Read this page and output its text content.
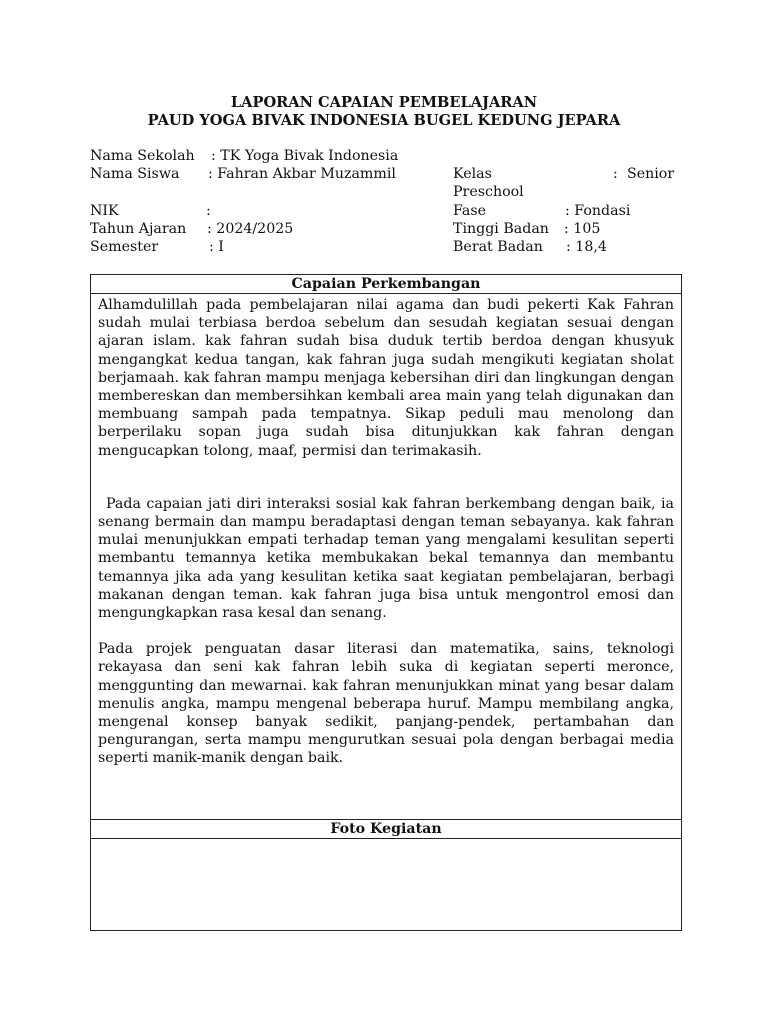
LAPORAN CAPAIAN PEMBELAJARAN
PAUD YOGA BIVAK INDONESIA BUGEL KEDUNG JEPARA
Nama Sekolah : TK Yoga Bivak Indonesia
Nama Siswa : Fahran Akbar Muzammil
NIK	:
Tahun Ajaran : 2024/2025
Semester	: I
Kelas	: Senior
Preschool
Fase	: Fondasi
Tinggi Badan : 105
Berat Badan : 18,4
Capaian Perkembangan

Alhamdulillah pada pembelajaran nilai agama dan budi pekerti Kak Fahran sudah mulai terbiasa berdoa sebelum dan sesudah kegiatan sesuai dengan ajaran islam. kak fahran sudah bisa duduk tertib berdoa dengan khusyuk mengangkat kedua tangan, kak fahran juga sudah mengikuti kegiatan sholat berjamaah. kak fahran mampu menjaga kebersihan diri dan lingkungan dengan membereskan dan membersihkan kembali area main yang telah digunakan dan membuang sampah pada tempatnya. Sikap peduli mau menolong dan berperilaku sopan juga sudah bisa ditunjukkan kak fahran dengan mengucapkan tolong, maaf, permisi dan terimakasih.

Pada capaian jati diri interaksi sosial kak fahran berkembang dengan baik, ia senang bermain dan mampu beradaptasi dengan teman sebayanya. kak fahran mulai menunjukkan empati terhadap teman yang mengalami kesulitan seperti membantu temannya ketika membukakan bekal temannya dan membantu temannya jika ada yang kesulitan ketika saat kegiatan pembelajaran, berbagi makanan dengan teman. kak fahran juga bisa untuk mengontrol emosi dan mengungkapkan rasa kesal dan senang.

Pada projek penguatan dasar literasi dan matematika, sains, teknologi rekayasa dan seni kak fahran lebih suka di kegiatan seperti meronce, menggunting dan mewarnai. kak fahran menunjukkan minat yang besar dalam menulis angka, mampu mengenal beberapa huruf. Mampu membilang angka, mengenal konsep banyak sedikit, panjang-pendek, pertambahan dan pengurangan, serta mampu mengurutkan sesuai pola dengan berbagai media seperti manik-manik dengan baik.

Foto Kegiatan
